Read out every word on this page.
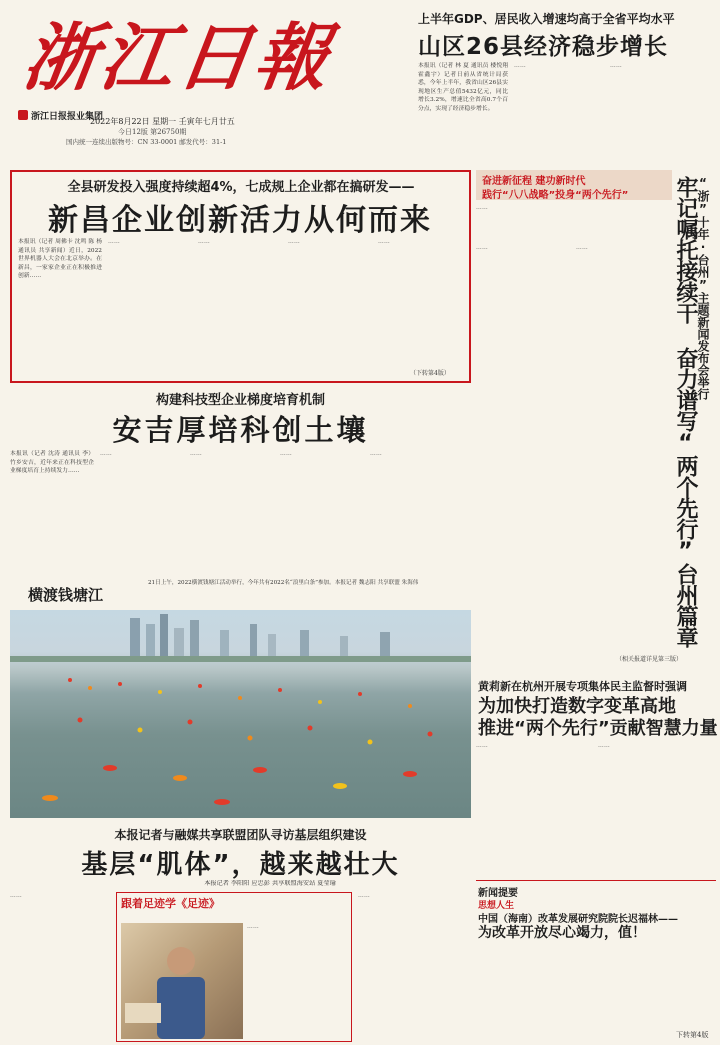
浙江日報
浙江日报报业集团
2022年8月22日 星期一 壬寅年七月廿五
今日12版 第26750期
国内统一连续出版物号：CN 33-0001 邮发代号：31-1
上半年GDP、居民收入增速均高于全省平均水平
山区26县经济稳步增长
本报讯（记者 林 夏 通讯员 楼悦翔 霍鑫宇）记者日前从省统计局获悉，今年上半年，我省山区26县实现地区生产总值5432亿元，同比增长3.2%，增速比全省高0.7个百分点，实现了经济稳步增长。
……	……
全县研发投入强度持续超4%，七成规上企业都在搞研发——
新昌企业创新活力从何而来
本报讯（记者 周佛卡 沈鸣 陈 杨 通讯员 共享新闻）近日，2022世界机器人大会在北京举办。在新昌，一家家企业正在积极推进创新……
……	……	……	……
（下转第4版）
构建科技型企业梯度培育机制
安吉厚培科创土壤
本报讯（记者 沈涛 通讯员 李）竹乡安吉，近年来正在科技型企业梯度培育上持续发力……
……	……	……	……
横渡钱塘江
21日上午，2022横渡钱塘江活动举行，今年共有2022名“浪里白条”参加。本报记者 魏志阳 共享联盟 朱海伟
本报记者与融媒共享联盟团队寻访基层组织建设
基层“肌体”，越来越壮大
本报记者 李阳阳 应忠彭 共享联盟海安站 夏莹瑜
……
跟着足迹学《足迹》
……
……
奋进新征程 建功新时代
践行“八八战略”投身“两个先行”
……
……	……
（相关报道详见第三版）
“浙”十年·台州”主题新闻发布会举行
牢记嘱托接续干 奋力谱写“两个先行”台州篇章
黄莉新在杭州开展专项集体民主监督时强调
为加快打造数字变革高地
推进“两个先行”贡献智慧力量
……	……
新闻提要
思想人生
中国（海南）改革发展研究院院长迟福林——
为改革开放尽心竭力，值！
下转第4版
